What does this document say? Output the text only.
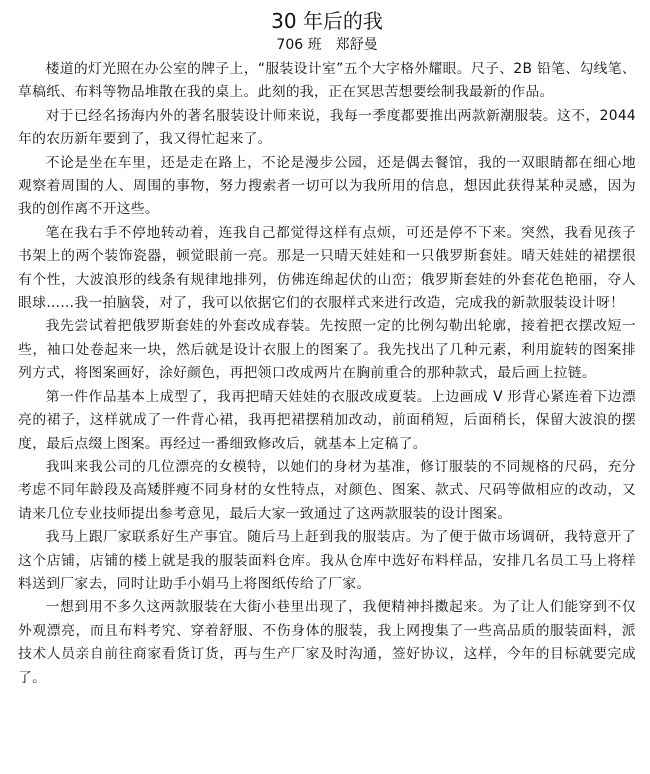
30 年后的我
706 班 郑舒曼

楼道的灯光照在办公室的牌子上，“服装设计室”五个大字格外耀眼。尺子、2B 铅笔、勾线笔、草稿纸、布料等物品堆散在我的桌上。此刻的我，正在冥思苦想要绘制我最新的作品。

对于已经名扬海内外的著名服装设计师来说，我每一季度都要推出两款新潮服装。这不，2044 年的农历新年要到了，我又得忙起来了。

不论是坐在车里，还是走在路上，不论是漫步公园，还是偶去餐馆，我的一双眼睛都在细心地观察着周围的人、周围的事物，努力搜索者一切可以为我所用的信息，想因此获得某种灵感，因为我的创作离不开这些。

笔在我右手不停地转动着，连我自己都觉得这样有点烦，可还是停不下来。突然，我看见孩子书架上的两个装饰瓷器，顿觉眼前一亮。那是一只晴天娃娃和一只俄罗斯套娃。晴天娃娃的裙摆很有个性，大波浪形的线条有规律地排列，仿佛连绵起伏的山峦；俄罗斯套娃的外套花色艳丽，夺人眼球……我一拍脑袋，对了，我可以依据它们的衣服样式来进行改造，完成我的新款服装设计呀！

我先尝试着把俄罗斯套娃的外套改成春装。先按照一定的比例勾勒出轮廓，接着把衣摆改短一些，袖口处卷起来一块，然后就是设计衣服上的图案了。我先找出了几种元素，利用旋转的图案排列方式，将图案画好，涂好颜色，再把领口改成两片在胸前重合的那种款式，最后画上拉链。

第一件作品基本上成型了，我再把晴天娃娃的衣服改成夏装。上边画成 V 形背心紧连着下边漂亮的裙子，这样就成了一件背心裙，我再把裙摆稍加改动，前面稍短，后面稍长，保留大波浪的摆度，最后点缀上图案。再经过一番细致修改后，就基本上定稿了。

我叫来我公司的几位漂亮的女模特，以她们的身材为基准，修订服装的不同规格的尺码，充分考虑不同年龄段及高矮胖瘦不同身材的女性特点，对颜色、图案、款式、尺码等做相应的改动，又请来几位专业技师提出参考意见，最后大家一致通过了这两款服装的设计图案。

我马上跟厂家联系好生产事宜。随后马上赶到我的服装店。为了便于做市场调研，我特意开了这个店铺，店铺的楼上就是我的服装面料仓库。我从仓库中选好布料样品，安排几名员工马上将样料送到厂家去，同时让助手小娟马上将图纸传给了厂家。

一想到用不多久这两款服装在大街小巷里出现了，我便精神抖擞起来。为了让人们能穿到不仅外观漂亮，而且布料考究、穿着舒服、不伤身体的服装，我上网搜集了一些高品质的服装面料，派技术人员亲自前往商家看货订货，再与生产厂家及时沟通，签好协议，这样，今年的目标就要完成了。
